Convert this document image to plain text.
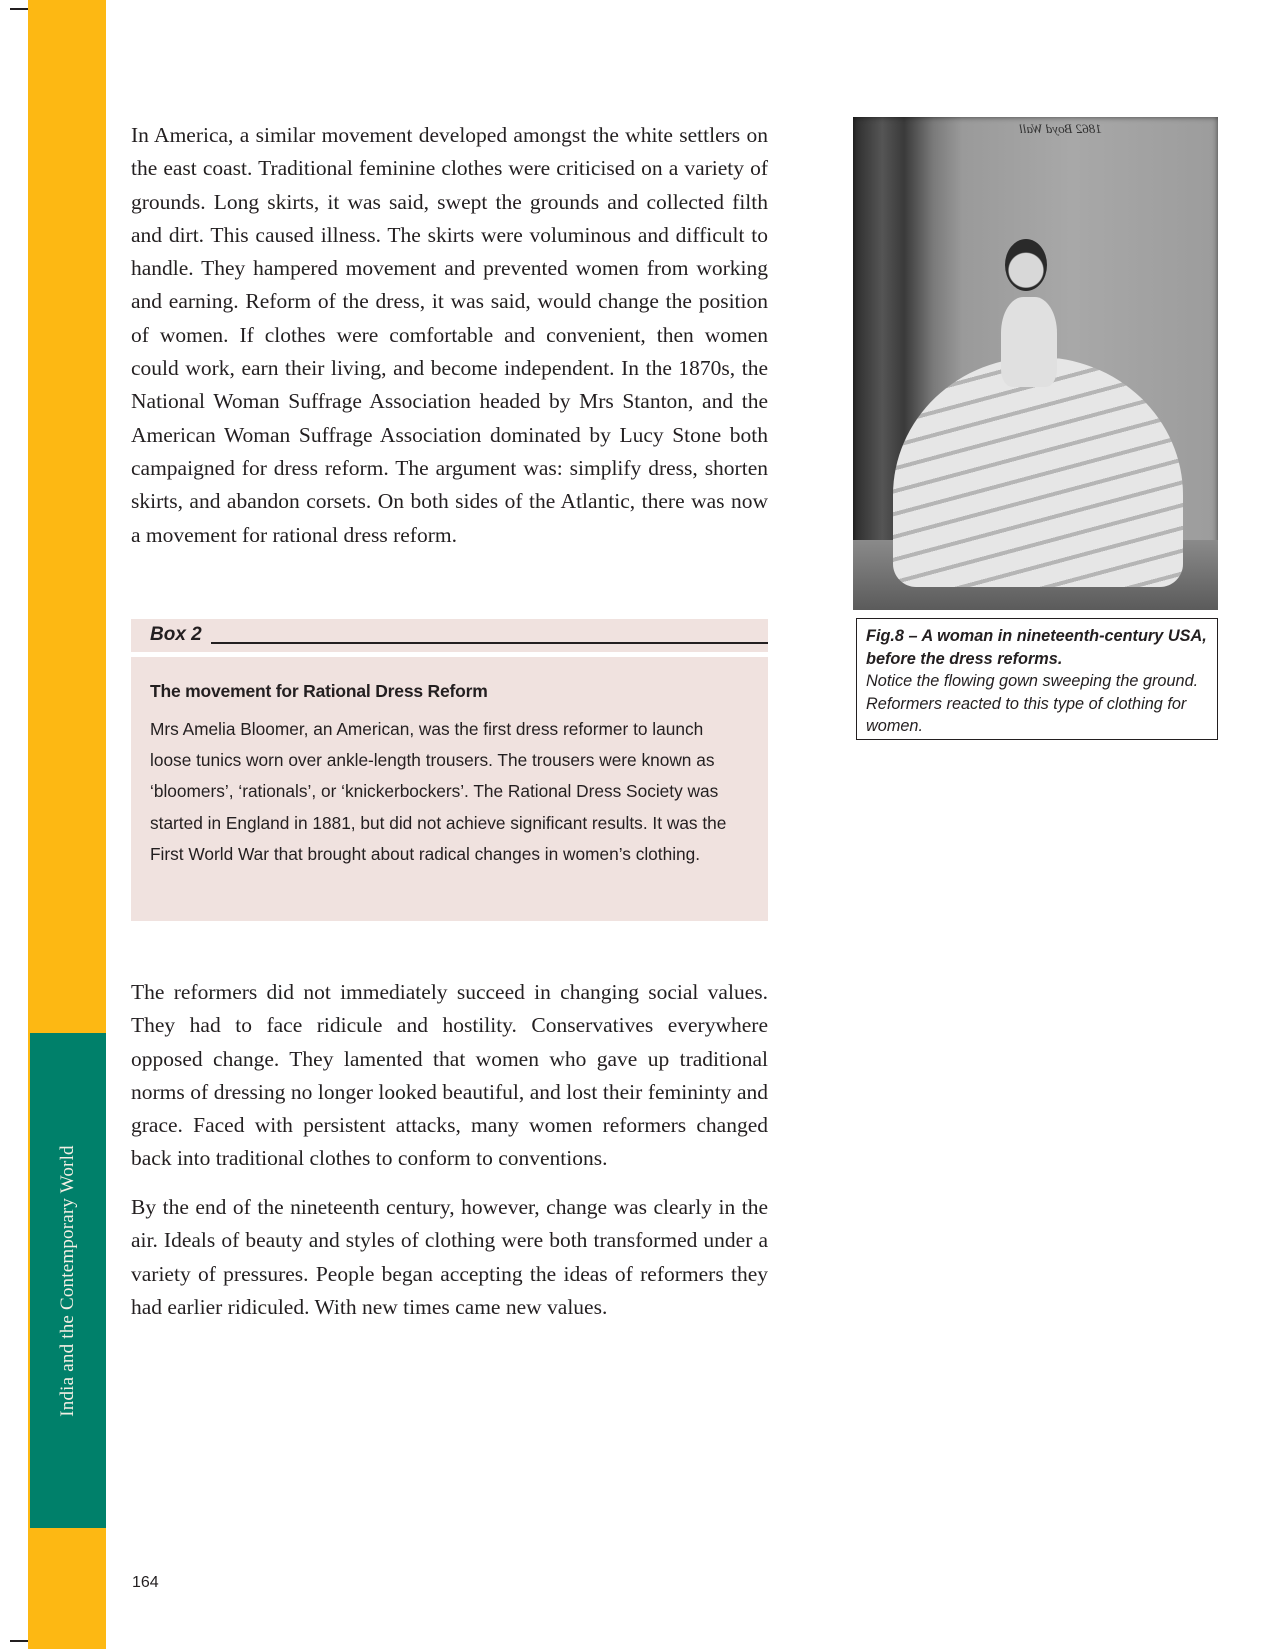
India and the Contemporary World

In America, a similar movement developed amongst the white settlers on the east coast. Traditional feminine clothes were criticised on a variety of grounds. Long skirts, it was said, swept the grounds and collected filth and dirt. This caused illness. The skirts were voluminous and difficult to handle. They hampered movement and prevented women from working and earning. Reform of the dress, it was said, would change the position of women. If clothes were comfortable and convenient, then women could work, earn their living, and become independent. In the 1870s, the National Woman Suffrage Association headed by Mrs Stanton, and the American Woman Suffrage Association dominated by Lucy Stone both campaigned for dress reform. The argument was: simplify dress, shorten skirts, and abandon corsets. On both sides of the Atlantic, there was now a movement for rational dress reform.

Box 2

The movement for Rational Dress Reform

Mrs Amelia Bloomer, an American, was the first dress reformer to launch loose tunics worn over ankle-length trousers. The trousers were known as ‘bloomers’, ‘rationals’, or ‘knickerbockers’. The Rational Dress Society was started in England in 1881, but did not achieve significant results. It was the First World War that brought about radical changes in women’s clothing.

The reformers did not immediately succeed in changing social values. They had to face ridicule and hostility. Conservatives everywhere opposed change. They lamented that women who gave up traditional norms of dressing no longer looked beautiful, and lost their femininty and grace. Faced with persistent attacks, many women reformers changed back into traditional clothes to conform to conventions.

By the end of the nineteenth century, however, change was clearly in the air. Ideals of beauty and styles of clothing were both transformed under a variety of pressures. People began accepting the ideas of reformers they had earlier ridiculed. With new times came new values.

1862 Boyd Wall
Fig.8 – A woman in nineteenth-century USA, before the dress reforms.
Notice the flowing gown sweeping the ground. Reformers reacted to this type of clothing for women.
164
